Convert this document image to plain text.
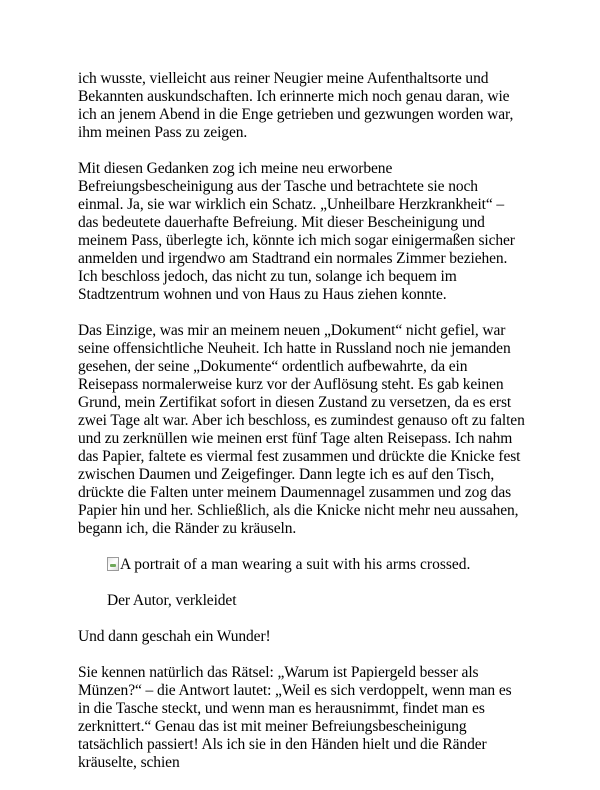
ich wusste, vielleicht aus reiner Neugier meine Aufenthaltsorte und Bekannten auskundschaften. Ich erinnerte mich noch genau daran, wie ich an jenem Abend in die Enge getrieben und gezwungen worden war, ihm meinen Pass zu zeigen.

Mit diesen Gedanken zog ich meine neu erworbene Befreiungsbescheinigung aus der Tasche und betrachtete sie noch einmal. Ja, sie war wirklich ein Schatz. „Unheilbare Herzkrankheit“ – das bedeutete dauerhafte Befreiung. Mit dieser Bescheinigung und meinem Pass, überlegte ich, könnte ich mich sogar einigermaßen sicher anmelden und irgendwo am Stadtrand ein normales Zimmer beziehen. Ich beschloss jedoch, das nicht zu tun, solange ich bequem im Stadtzentrum wohnen und von Haus zu Haus ziehen konnte.

Das Einzige, was mir an meinem neuen „Dokument“ nicht gefiel, war seine offensichtliche Neuheit. Ich hatte in Russland noch nie jemanden gesehen, der seine „Dokumente“ ordentlich aufbewahrte, da ein Reisepass normalerweise kurz vor der Auflösung steht. Es gab keinen Grund, mein Zertifikat sofort in diesen Zustand zu versetzen, da es erst zwei Tage alt war. Aber ich beschloss, es zumindest genauso oft zu falten und zu zerknüllen wie meinen erst fünf Tage alten Reisepass. Ich nahm das Papier, faltete es viermal fest zusammen und drückte die Knicke fest zwischen Daumen und Zeigefinger. Dann legte ich es auf den Tisch, drückte die Falten unter meinem Daumennagel zusammen und zog das Papier hin und her. Schließlich, als die Knicke nicht mehr neu aussahen, begann ich, die Ränder zu kräuseln.

A portrait of a man wearing a suit with his arms crossed.

Der Autor, verkleidet

Und dann geschah ein Wunder!

Sie kennen natürlich das Rätsel: „Warum ist Papiergeld besser als Münzen?“ – die Antwort lautet: „Weil es sich verdoppelt, wenn man es in die Tasche steckt, und wenn man es herausnimmt, findet man es zerknittert.“ Genau das ist mit meiner Befreiungsbescheinigung tatsächlich passiert! Als ich sie in den Händen hielt und die Ränder kräuselte, schien
